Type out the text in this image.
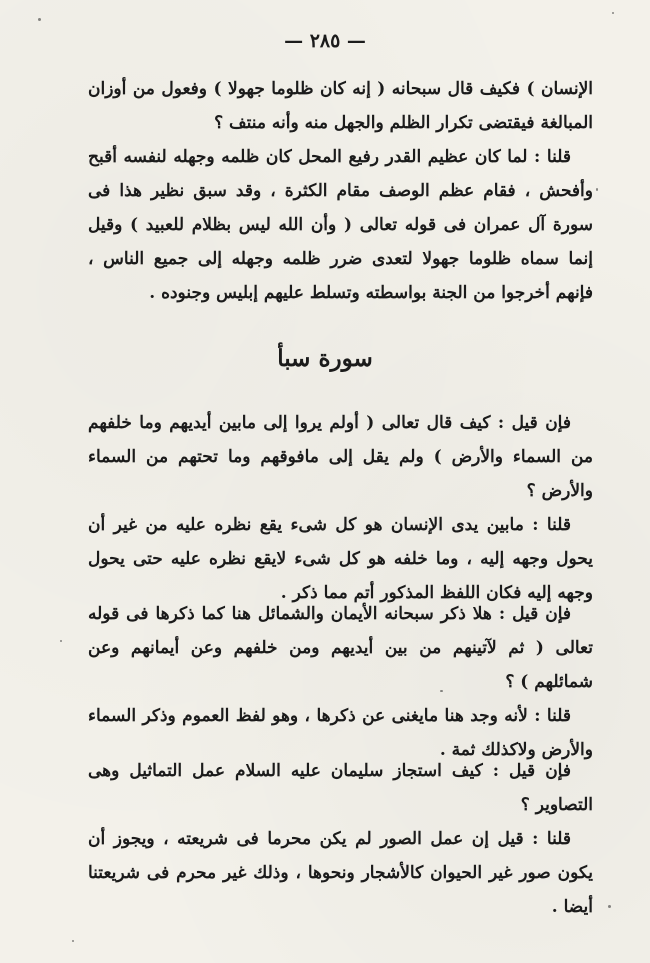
— ٢٨٥ —

الإنسان ) فكيف قال سبحانه ( إنه كان ظلوما جهولا ) وفعول من أوزان المبالغة فيقتضى تكرار الظلم والجهل منه وأنه منتف ؟

قلنا : لما كان عظيم القدر رفيع المحل كان ظلمه وجهله لنفسه أقبح وأفحش ، فقام عظم الوصف مقام الكثرة ، وقد سبق نظير هذا فى سورة آل عمران فى قوله تعالى ( وأن الله ليس بظلام للعبيد ) وقيل إنما سماه ظلوما جهولا لتعدى ضرر ظلمه وجهله إلى جميع الناس ، فإنهم أخرجوا من الجنة بواسطته وتسلط عليهم إبليس وجنوده .

سورة سبأ

فإن قيل : كيف قال تعالى ( أولم يروا إلى مابين أيديهم وما خلفهم من السماء والأرض ) ولم يقل إلى مافوقهم وما تحتهم من السماء والأرض ؟

قلنا : مابين يدى الإنسان هو كل شىء يقع نظره عليه من غير أن يحول وجهه إليه ، وما خلفه هو كل شىء لايقع نظره عليه حتى يحول وجهه إليه فكان اللفظ المذكور أتم مما ذكر .

فإن قيل : هلا ذكر سبحانه الأيمان والشمائل هنا كما ذكرها فى قوله تعالى ( ثم لآتينهم من بين أيديهم ومن خلفهم وعن أيمانهم وعن شمائلهم ) ؟

قلنا : لأنه وجد هنا مايغنى عن ذكرها ، وهو لفظ العموم وذكر السماء والأرض ولاكذلك ثمة .

فإن قيل : كيف استجاز سليمان عليه السلام عمل التماثيل وهى التصاوير ؟

قلنا : قيل إن عمل الصور لم يكن محرما فى شريعته ، ويجوز أن يكون صور غير الحيوان كالأشجار ونحوها ، وذلك غير محرم فى شريعتنا أيضا .
